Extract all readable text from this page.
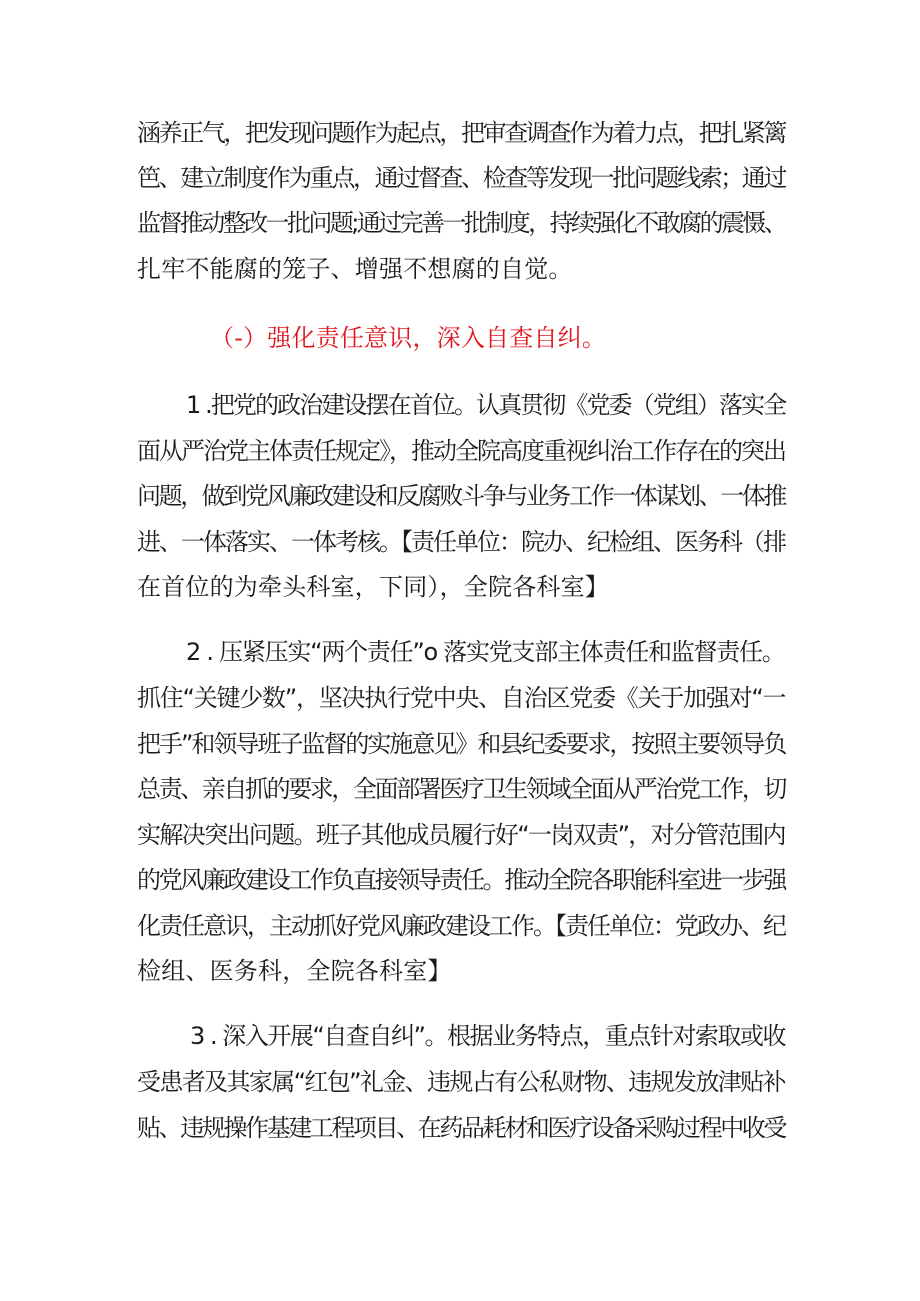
涵养正气，把发现问题作为起点，把审查调查作为着力点，把扎紧篱
笆、建立制度作为重点，通过督查、检查等发现一批问题线索；通过
监督推动整改一批问题;通过完善一批制度，持续强化不敢腐的震慑、
扎牢不能腐的笼子、增强不想腐的自觉。
（-）强化责任意识，深入自查自纠。
1 .把党的政治建设摆在首位。认真贯彻《党委（党组）落实全
面从严治党主体责任规定》，推动全院高度重视纠治工作存在的突出
问题，做到党风廉政建设和反腐败斗争与业务工作一体谋划、一体推
进、一体落实、一体考核。【责任单位：院办、纪检组、医务科（排
在首位的为牵头科室，下同），全院各科室】
2 . 压紧压实“两个责任”o 落实党支部主体责任和监督责任。
抓住“关键少数”，坚决执行党中央、自治区党委《关于加强对“一
把手”和领导班子监督的实施意见》和县纪委要求，按照主要领导负
总责、亲自抓的要求，全面部署医疗卫生领域全面从严治党工作，切
实解决突出问题。班子其他成员履行好“一岗双责”，对分管范围内
的党风廉政建设工作负直接领导责任。推动全院各职能科室进一步强
化责任意识，主动抓好党风廉政建设工作。【责任单位：党政办、纪
检组、医务科，全院各科室】
3 . 深入开展“自查自纠”。根据业务特点，重点针对索取或收
受患者及其家属“红包”礼金、违规占有公私财物、违规发放津贴补
贴、违规操作基建工程项目、在药品耗材和医疗设备采购过程中收受
